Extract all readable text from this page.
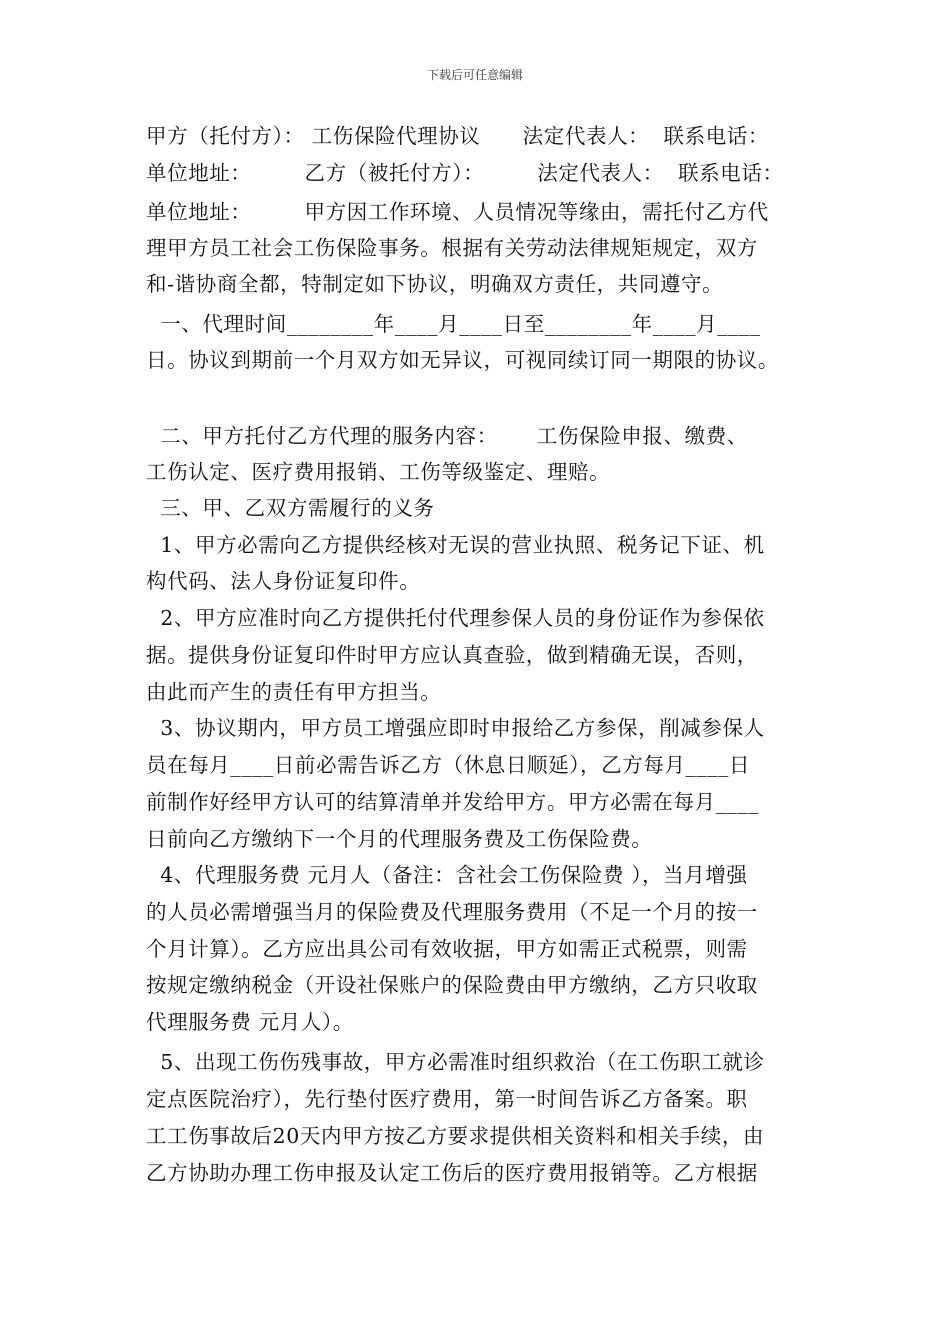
下载后可任意编辑
甲方（托付方）： 工伤保险代理协议　　法定代表人：  联系电话：
单位地址：　　　乙方（被托付方）：　　　法定代表人：  联系电话：
单位地址：　　　甲方因工作环境、人员情况等缘由，需托付乙方代
理甲方员工社会工伤保险事务。根据有关劳动法律规矩规定，双方
和-谐协商全都，特制定如下协议，明确双方责任，共同遵守。
一、代理时间________年____月____日至________年____月____
日。协议到期前一个月双方如无异议，可视同续订同一期限的协议。
二、甲方托付乙方代理的服务内容：　　 工伤保险申报、缴费、
工伤认定、医疗费用报销、工伤等级鉴定、理赔。
三、甲、乙双方需履行的义务
1、甲方必需向乙方提供经核对无误的营业执照、税务记下证、机
构代码、法人身份证复印件。
2、甲方应准时向乙方提供托付代理参保人员的身份证作为参保依
据。提供身份证复印件时甲方应认真查验，做到精确无误，否则，
由此而产生的责任有甲方担当。
3、协议期内，甲方员工增强应即时申报给乙方参保，削减参保人
员在每月____日前必需告诉乙方（休息日顺延），乙方每月____日
前制作好经甲方认可的结算清单并发给甲方。甲方必需在每月____
日前向乙方缴纳下一个月的代理服务费及工伤保险费。
4、代理服务费 元月人（备注：含社会工伤保险费 ），当月增强
的人员必需增强当月的保险费及代理服务费用（不足一个月的按一
个月计算）。乙方应出具公司有效收据，甲方如需正式税票，则需
按规定缴纳税金（开设社保账户的保险费由甲方缴纳，乙方只收取
代理服务费 元月人）。
5、出现工伤伤残事故，甲方必需准时组织救治（在工伤职工就诊
定点医院治疗），先行垫付医疗费用，第一时间告诉乙方备案。职
工工伤事故后20天内甲方按乙方要求提供相关资料和相关手续，由
乙方协助办理工伤申报及认定工伤后的医疗费用报销等。乙方根据
